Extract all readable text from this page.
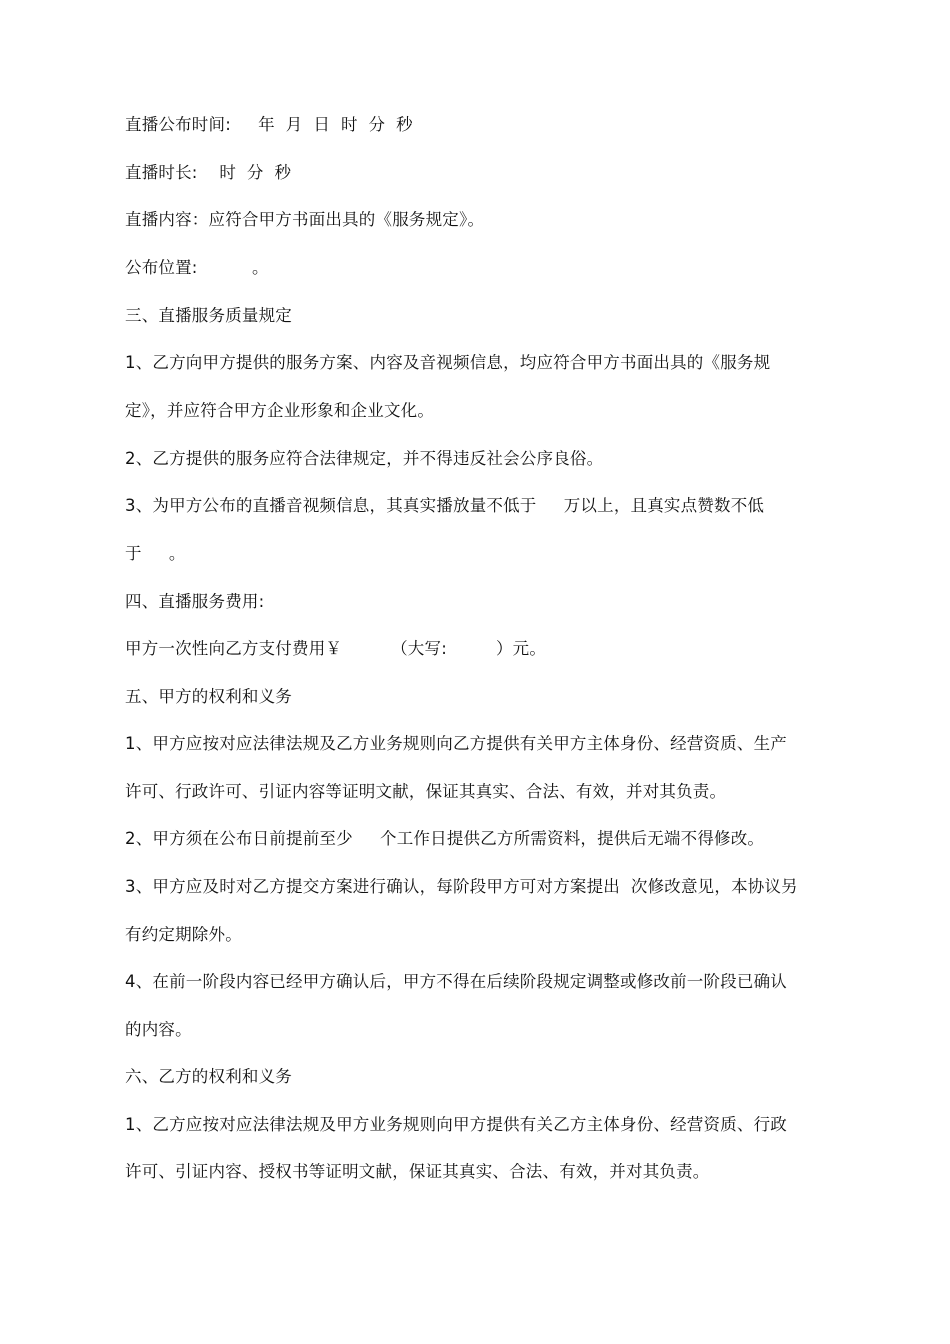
直播公布时间:     年  月  日  时  分  秒
直播时长:    时  分  秒
直播内容：应符合甲方书面出具的《服务规定》。
公布位置:          。
三、直播服务质量规定
1、乙方向甲方提供的服务方案、内容及音视频信息，均应符合甲方书面出具的《服务规
定》，并应符合甲方企业形象和企业文化。
2、乙方提供的服务应符合法律规定，并不得违反社会公序良俗。
3、为甲方公布的直播音视频信息，其真实播放量不低于     万以上，且真实点赞数不低
于     。
四、直播服务费用:
甲方一次性向乙方支付费用￥         （大写:         ）元。
五、甲方的权利和义务
1、甲方应按对应法律法规及乙方业务规则向乙方提供有关甲方主体身份、经营资质、生产
许可、行政许可、引证内容等证明文献，保证其真实、合法、有效，并对其负责。
2、甲方须在公布日前提前至少     个工作日提供乙方所需资料，提供后无端不得修改。
3、甲方应及时对乙方提交方案进行确认，每阶段甲方可对方案提出  次修改意见，本协议另
有约定期除外。
4、在前一阶段内容已经甲方确认后，甲方不得在后续阶段规定调整或修改前一阶段已确认
的内容。
六、乙方的权利和义务
1、乙方应按对应法律法规及甲方业务规则向甲方提供有关乙方主体身份、经营资质、行政
许可、引证内容、授权书等证明文献，保证其真实、合法、有效，并对其负责。
